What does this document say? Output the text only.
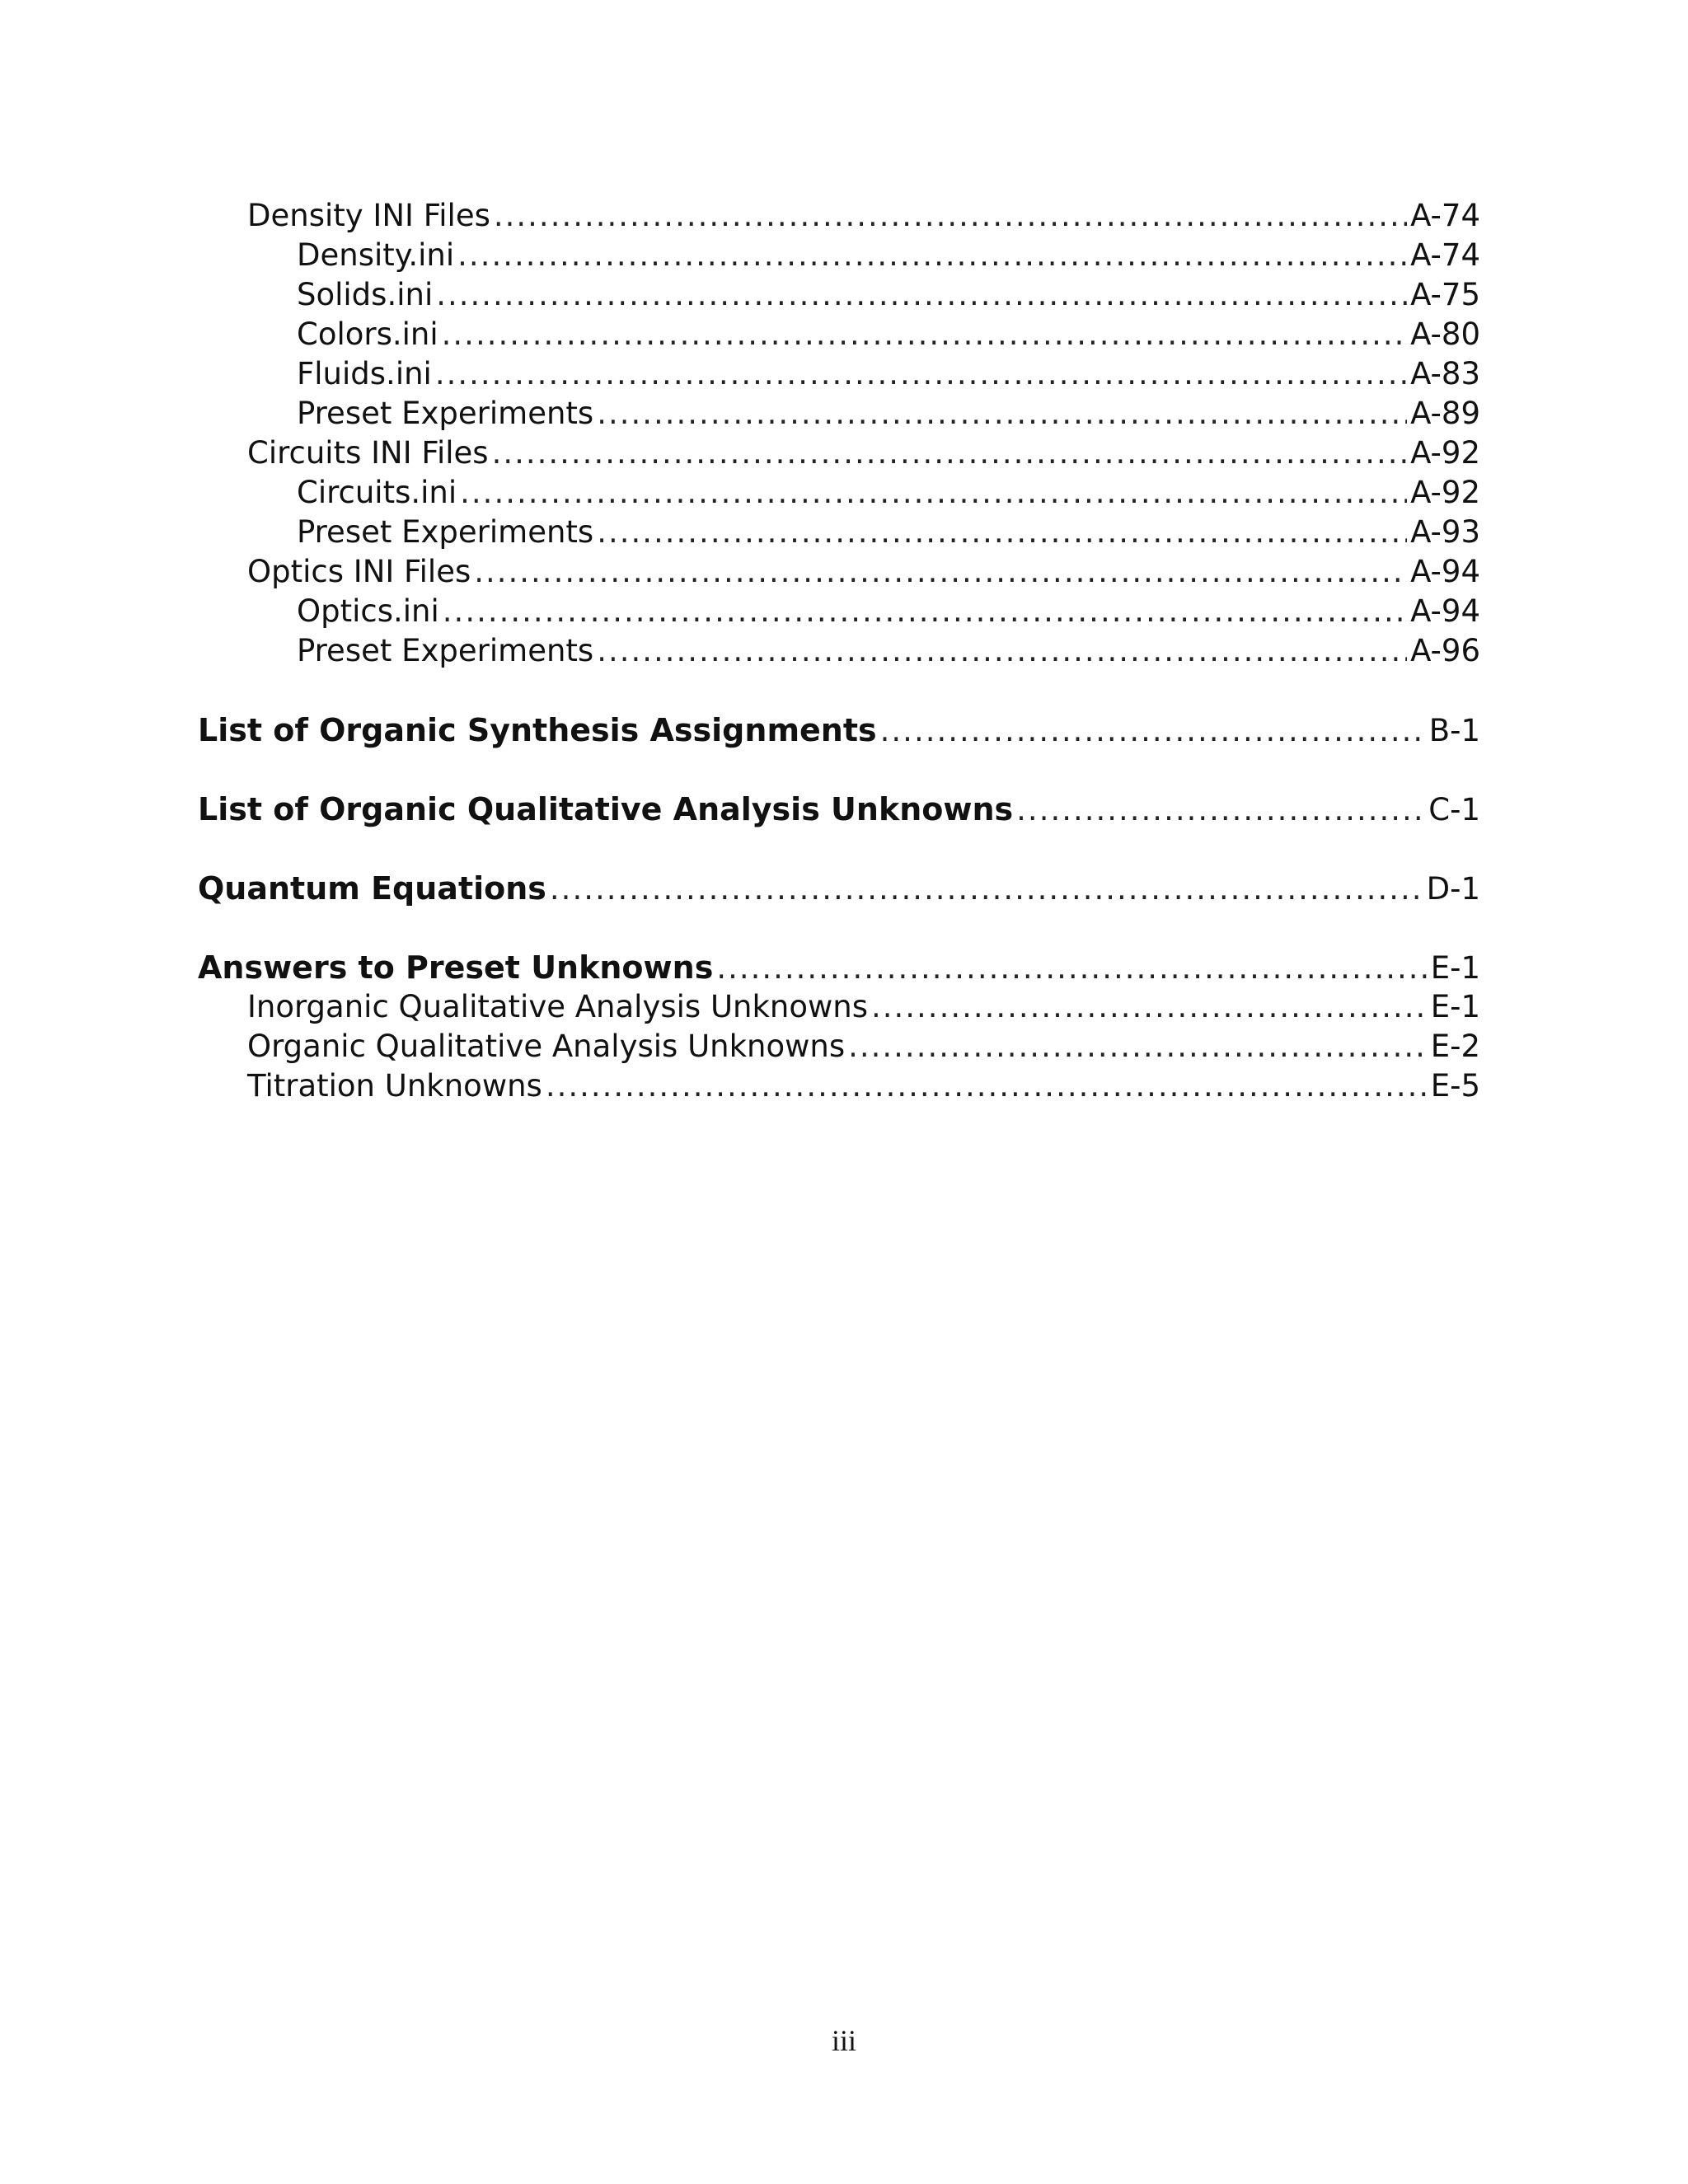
Density INI Files .....	A-74
Density.ini .....	A-74
Solids.ini .....	A-75
Colors.ini .....	A-80
Fluids.ini .....	A-83
Preset Experiments .....	A-89
Circuits INI Files .....	A-92
Circuits.ini .....	A-92
Preset Experiments .....	A-93
Optics INI Files .....	A-94
Optics.ini .....	A-94
Preset Experiments .....	A-96
List of Organic Synthesis Assignments .....	B-1
List of Organic Qualitative Analysis Unknowns .....	C-1
Quantum Equations .....	D-1
Answers to Preset Unknowns .....	E-1
Inorganic Qualitative Analysis Unknowns .....	E-1
Organic Qualitative Analysis Unknowns .....	E-2
Titration Unknowns .....	E-5
iii
